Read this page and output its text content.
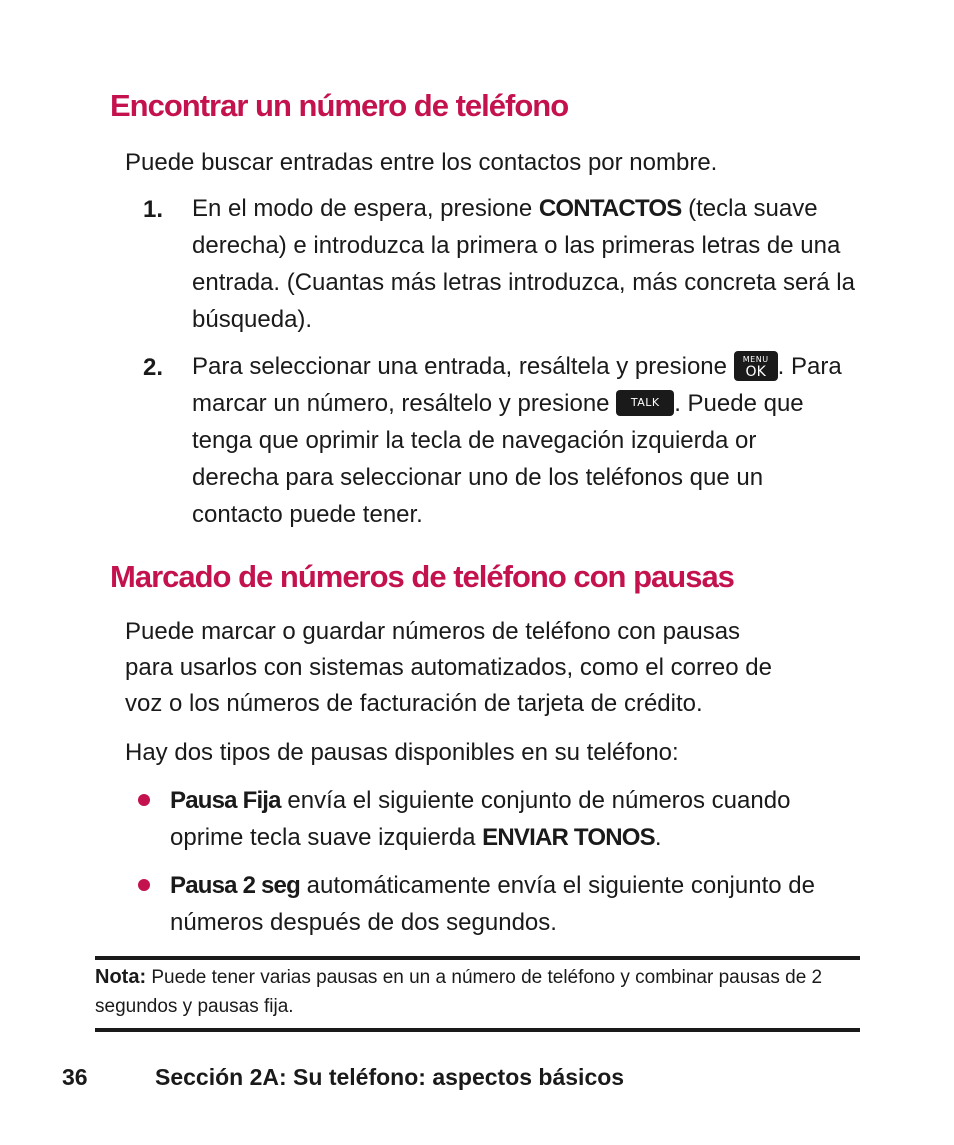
Encontrar un número de teléfono

Puede buscar entradas entre los contactos por nombre.

1. En el modo de espera, presione CONTACTOS (tecla suave derecha) e introduzca la primera o las primeras letras de una entrada. (Cuantas más letras introduzca, más concreta será la búsqueda).
2. Para seleccionar una entrada, resáltela y presione	MENU
OK . Para marcar un número, resáltelo y presione TALK . Puede que tenga que oprimir la tecla de navegación izquierda or derecha para seleccionar uno de los teléfonos que un contacto puede tener.
Marcado de números de teléfono con pausas

Puede marcar o guardar números de teléfono con pausas

para usarlos con sistemas automatizados, como el correo de

voz o los números de facturación de tarjeta de crédito.

Hay dos tipos de pausas disponibles en su teléfono:

Pausa Fija envía el siguiente conjunto de números cuando oprime tecla suave izquierda ENVIAR TONOS.
Pausa 2 seg automáticamente envía el siguiente conjunto de números después de dos segundos.
Nota: Puede tener varias pausas en un a número de teléfono y combinar pausas de 2 segundos y pausas fija.
36	Sección 2A: Su teléfono: aspectos básicos
